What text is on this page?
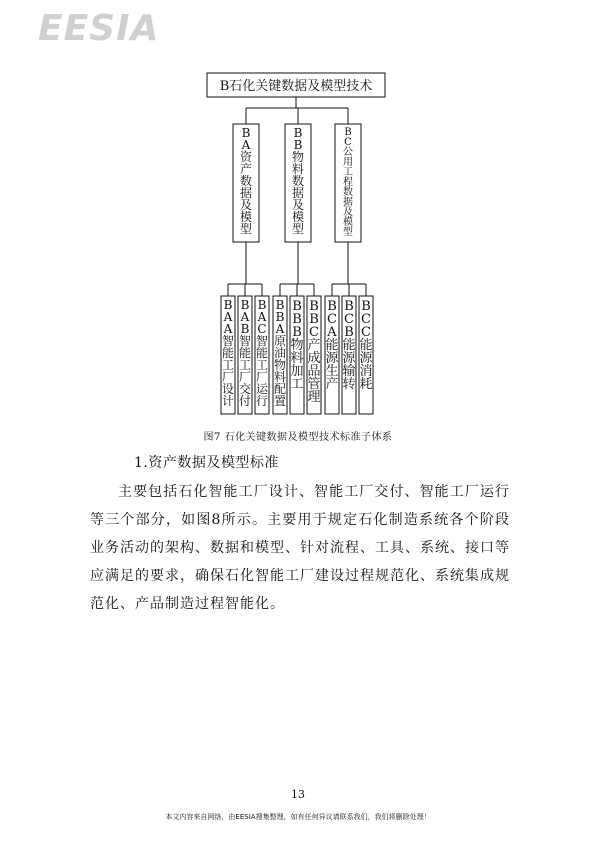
EESIA
B石化关键数据及模型技术
B A 资产数据及模型
B A A 智能工厂设计
B A B 智能工厂交付
B A C 智能工厂运行
B B 物料数据及模型
B B A 原油物料配置
B B B 物料加工
B B C 产成品管理
B C 公用工程数据及模型
B C A 能源生产
B C B 能源输转
B C C 能源消耗
图7 石化关键数据及模型技术标准子体系
1.资产数据及模型标准

主要包括石化智能工厂设计、智能工厂交付、智能工厂运行等三个部分，如图8所示。主要用于规定石化制造系统各个阶段业务活动的架构、数据和模型、针对流程、工具、系统、接口等应满足的要求，确保石化智能工厂建设过程规范化、系统集成规范化、产品制造过程智能化。

13
本文内容来自网络，由EESIA搜集整理，如有任何异议请联系我们，我们将删除处理！
